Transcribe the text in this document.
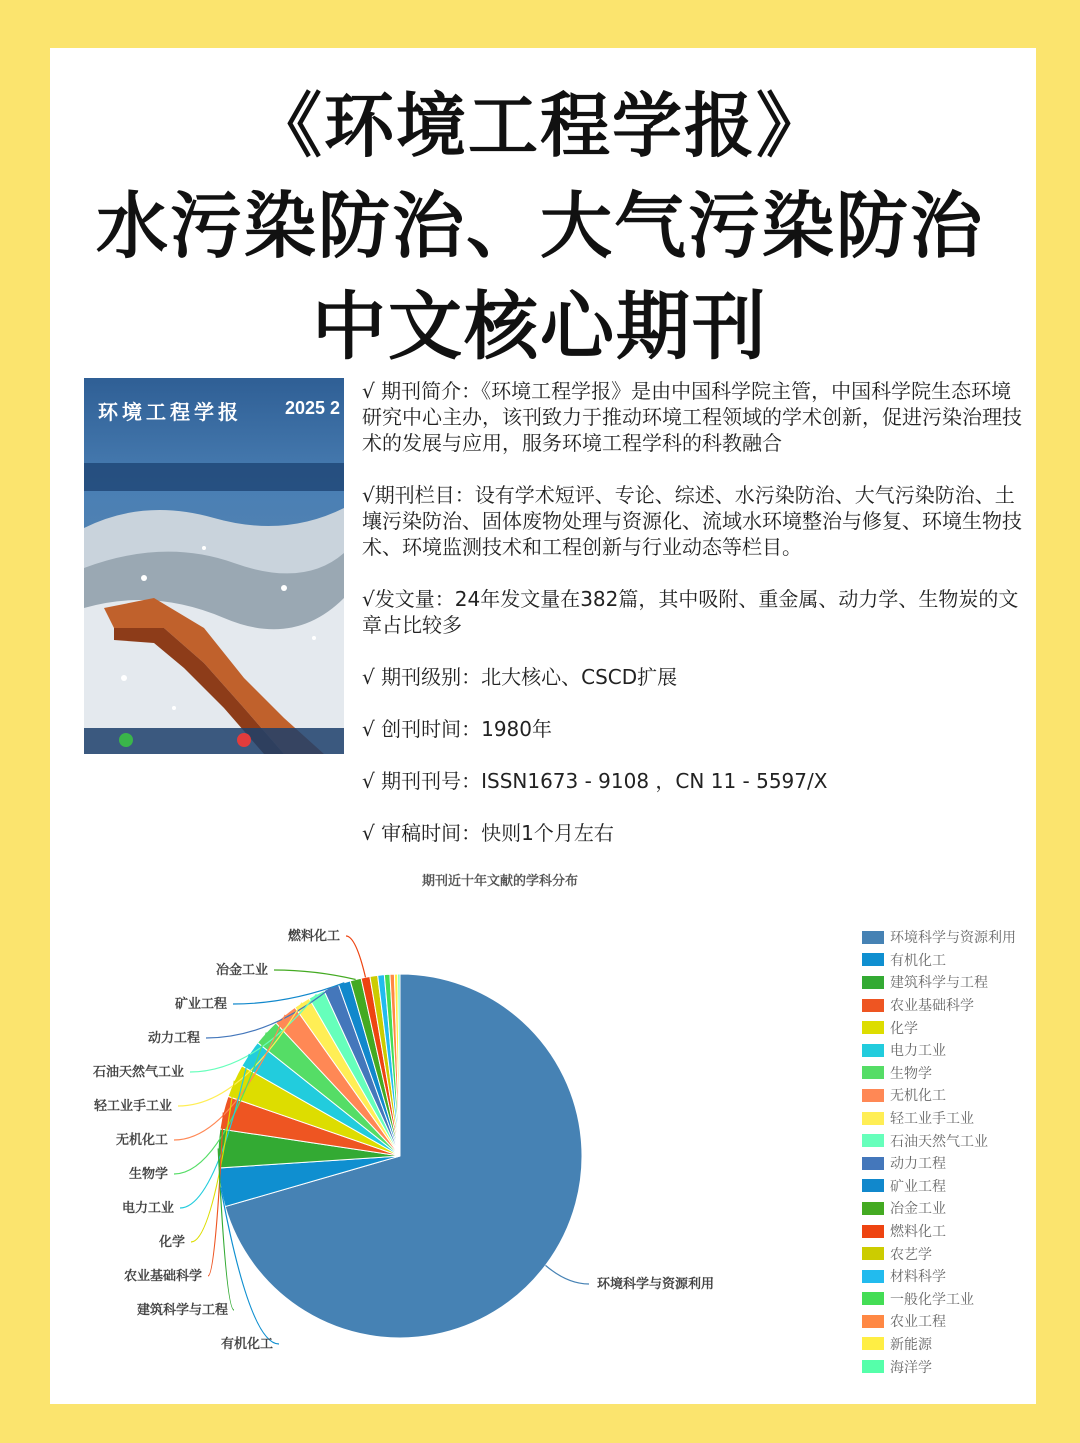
《环境工程学报》
水污染防治、大气污染防治
中文核心期刊
环境工程学报 2025 2

√ 期刊简介：《环境工程学报》是由中国科学院主管，中国科学院生态环境研究中心主办，该刊致力于推动环境工程领域的学术创新，促进污染治理技术的发展与应用，服务环境工程学科的科教融合

√期刊栏目：设有学术短评、专论、综述、水污染防治、大气污染防治、土壤污染防治、固体废物处理与资源化、流域水环境整治与修复、环境生物技术、环境监测技术和工程创新与行业动态等栏目。

√发文量：24年发文量在382篇，其中吸附、重金属、动力学、生物炭的文章占比较多

√ 期刊级别：北大核心、CSCD扩展

√ 创刊时间：1980年

√ 期刊刊号：ISSN1673 - 9108 ，CN 11 - 5597/X

√ 审稿时间：快则1个月左右

期刊近十年文献的学科分布
燃料化工
冶金工业
矿业工程
动力工程
石油天然气工业
轻工业手工业
无机化工
生物学
电力工业
化学
农业基础科学
建筑科学与工程
有机化工
环境科学与资源利用
环境科学与资源利用
有机化工
建筑科学与工程
农业基础科学
化学
电力工业
生物学
无机化工
轻工业手工业
石油天然气工业
动力工程
矿业工程
冶金工业
燃料化工
农艺学
材料科学
一般化学工业
农业工程
新能源
海洋学
